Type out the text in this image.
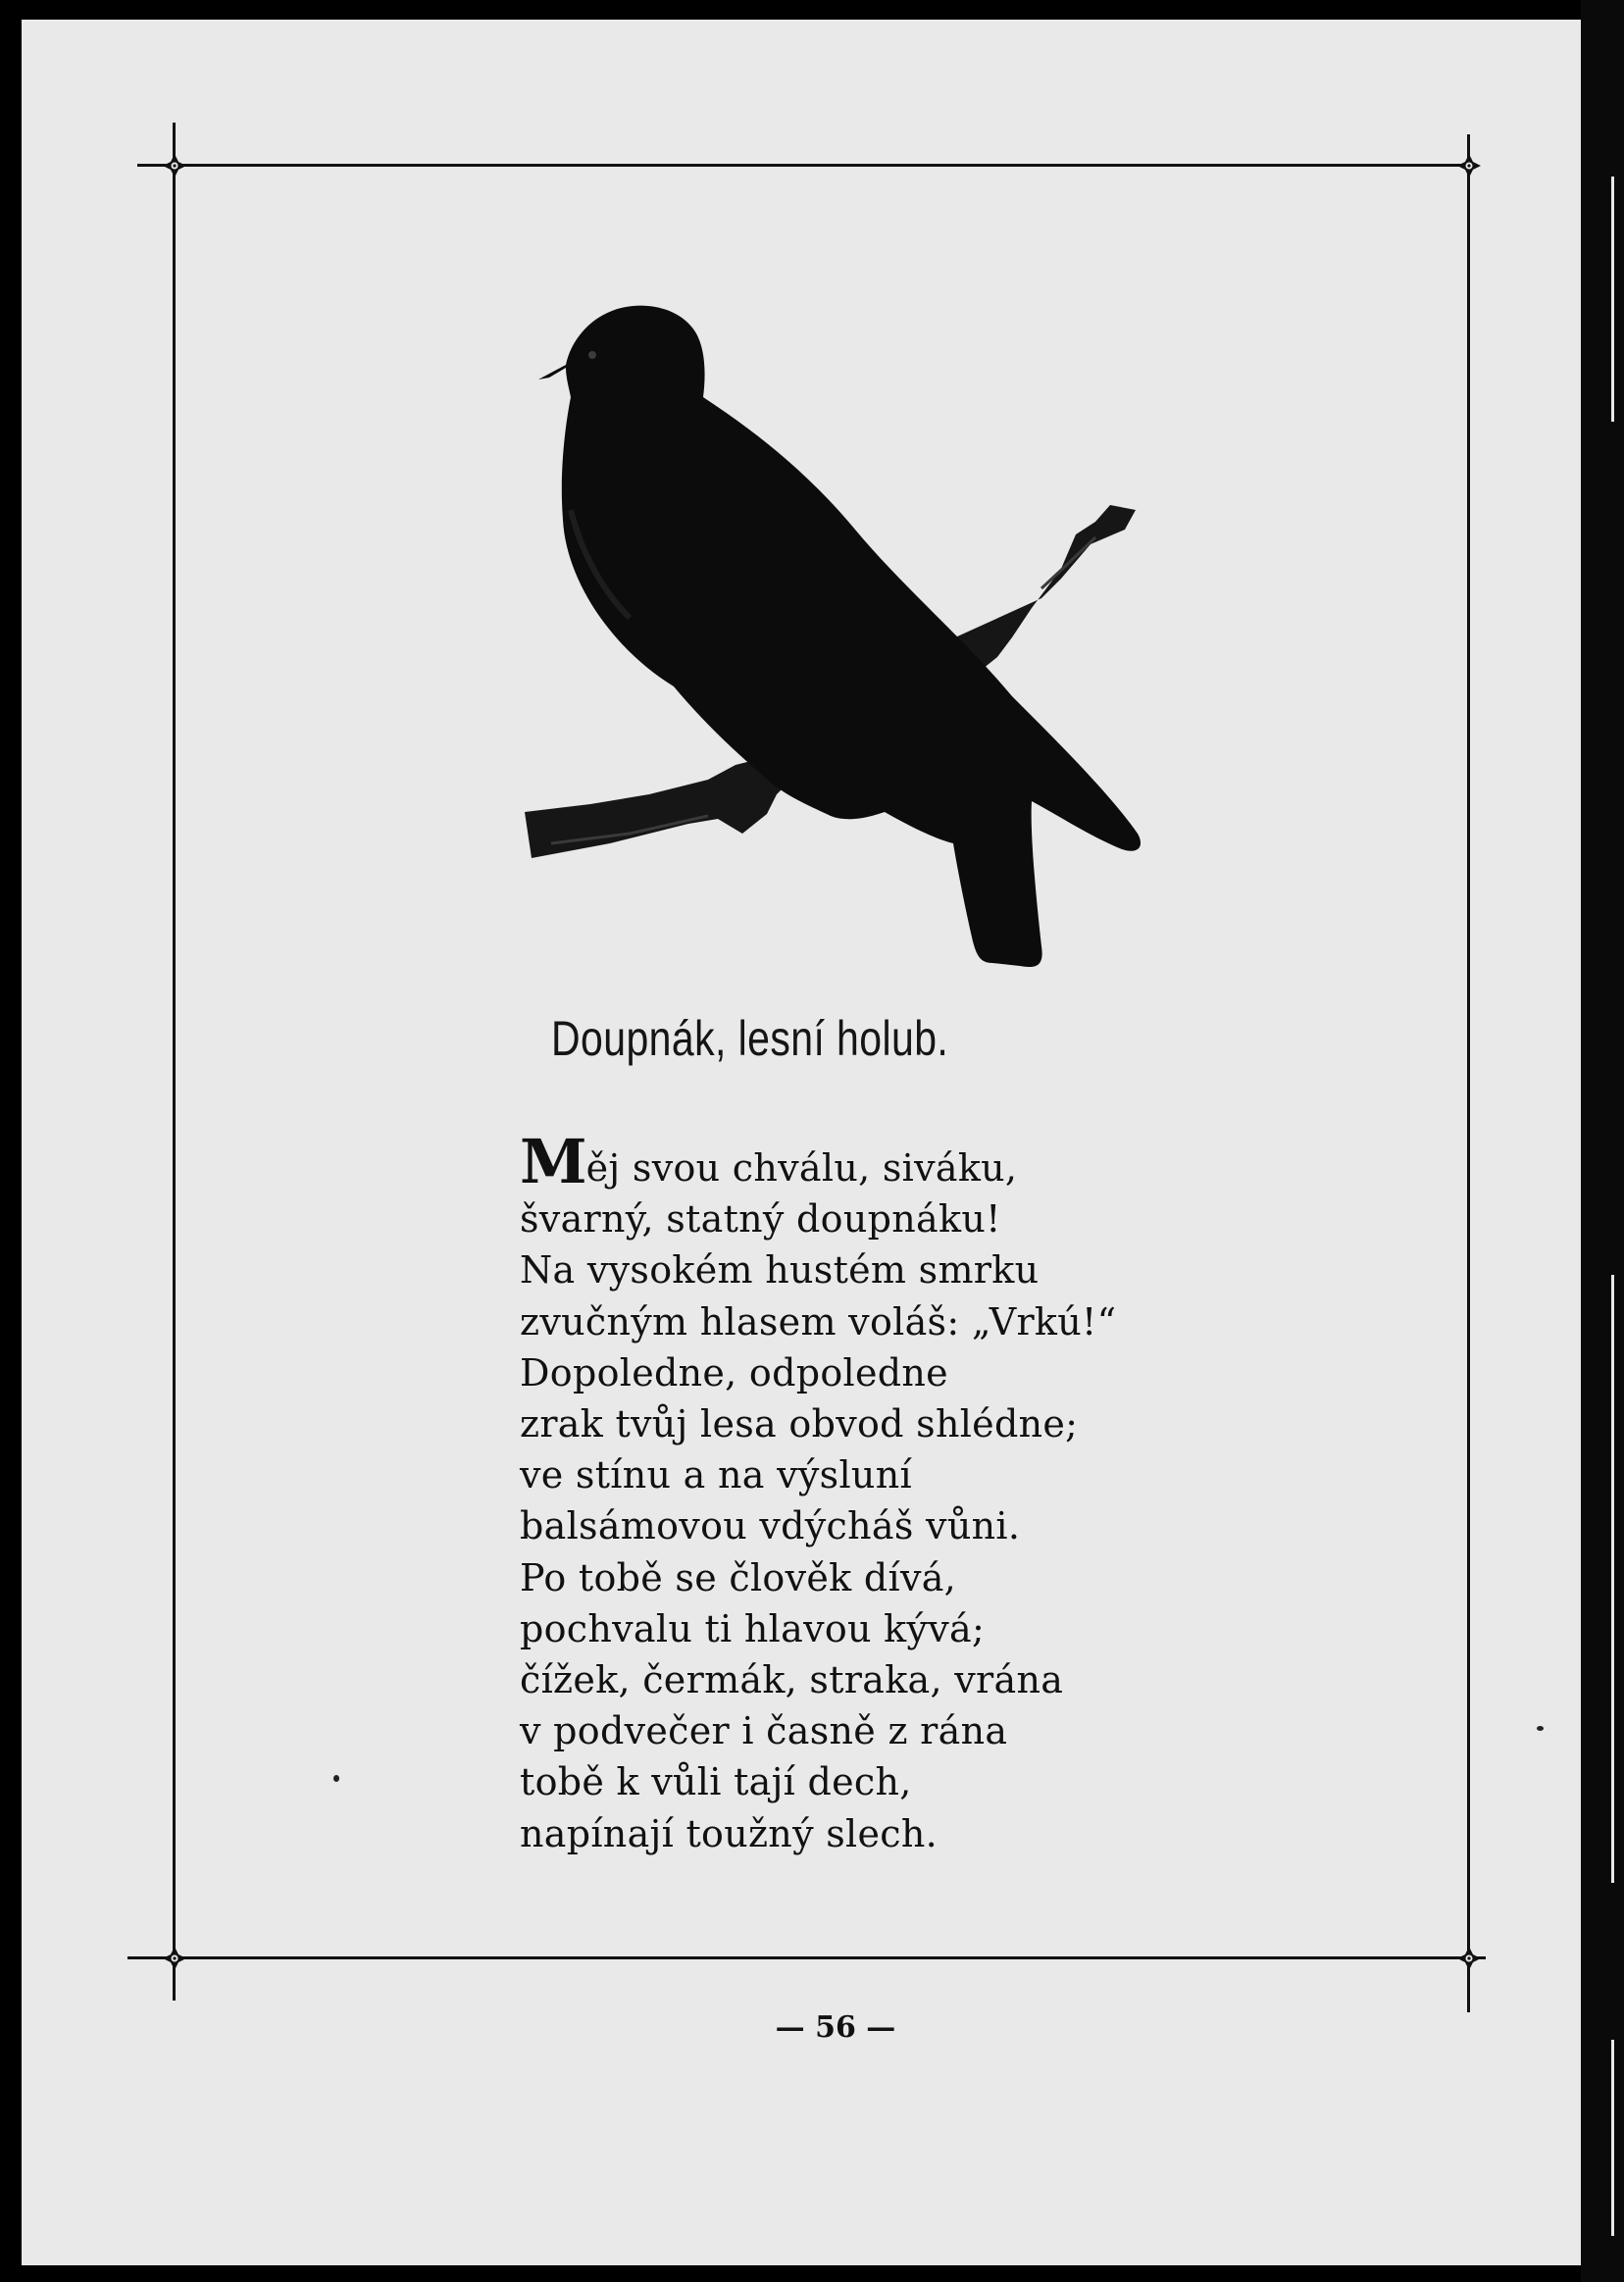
Doupnák, lesní holub.
Měj svou chválu, siváku,
švarný, statný doupnáku!
Na vysokém hustém smrku
zvučným hlasem voláš: „Vrkú!“
Dopoledne, odpoledne
zrak tvůj lesa obvod shlédne;
ve stínu a na výsluní
balsámovou vdýcháš vůni.
Po tobě se člověk dívá,
pochvalu ti hlavou kývá;
čížek, čermák, straka, vrána
v podvečer i časně z rána
tobě k vůli tají dech,
napínají toužný slech.
— 56 —
